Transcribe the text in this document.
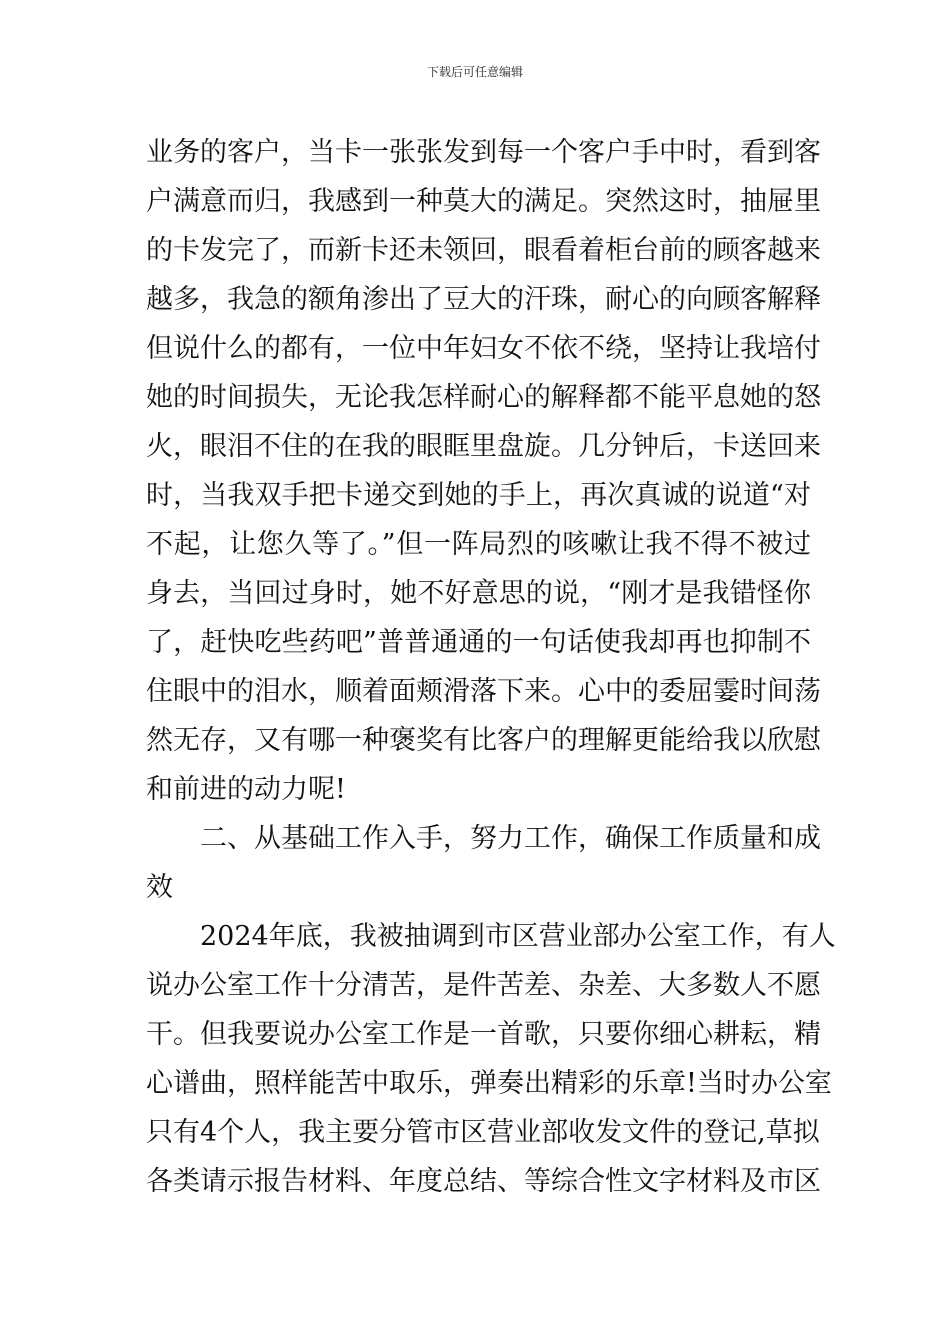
下载后可任意编辑
业务的客户，当卡一张张发到每一个客户手中时，看到客
户满意而归，我感到一种莫大的满足。突然这时，抽屉里
的卡发完了，而新卡还未领回，眼看着柜台前的顾客越来
越多，我急的额角渗出了豆大的汗珠，耐心的向顾客解释
但说什么的都有，一位中年妇女不依不绕，坚持让我培付
她的时间损失，无论我怎样耐心的解释都不能平息她的怒
火，眼泪不住的在我的眼眶里盘旋。几分钟后，卡送回来
时，当我双手把卡递交到她的手上，再次真诚的说道“对
不起，让您久等了。”但一阵局烈的咳嗽让我不得不被过
身去，当回过身时，她不好意思的说，“刚才是我错怪你
了，赶快吃些药吧”普普通通的一句话使我却再也抑制不
住眼中的泪水，顺着面颊滑落下来。心中的委屈霎时间荡
然无存，又有哪一种褒奖有比客户的理解更能给我以欣慰
和前进的动力呢!
二、从基础工作入手，努力工作，确保工作质量和成
效
2024年底，我被抽调到市区营业部办公室工作，有人
说办公室工作十分清苦，是件苦差、杂差、大多数人不愿
干。但我要说办公室工作是一首歌，只要你细心耕耘，精
心谱曲，照样能苦中取乐，弹奏出精彩的乐章!当时办公室
只有4个人，我主要分管市区营业部收发文件的登记,草拟
各类请示报告材料、年度总结、等综合性文字材料及市区
